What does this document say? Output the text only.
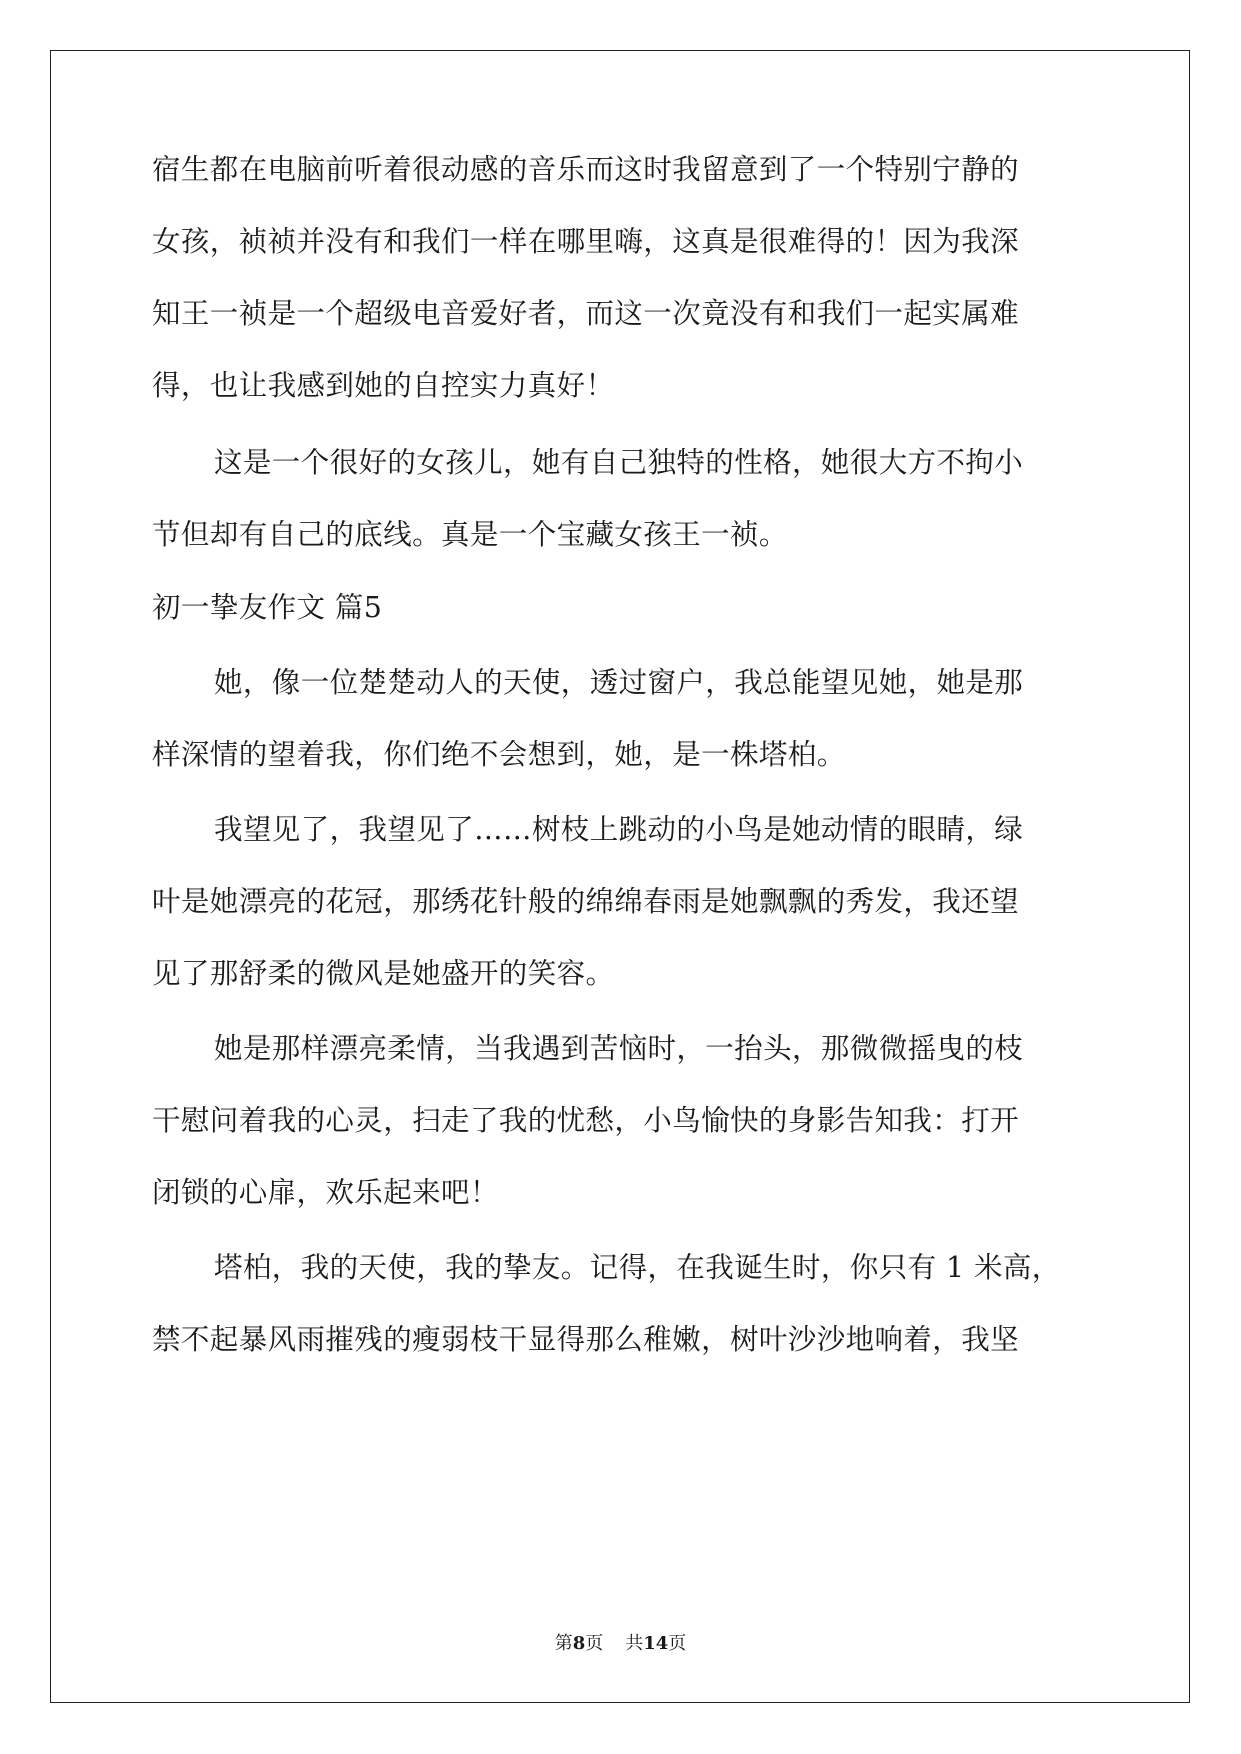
宿生都在电脑前听着很动感的音乐而这时我留意到了一个特别宁静的
女孩，祯祯并没有和我们一样在哪里嗨，这真是很难得的！因为我深
知王一祯是一个超级电音爱好者，而这一次竟没有和我们一起实属难
得，也让我感到她的自控实力真好！
这是一个很好的女孩儿，她有自己独特的性格，她很大方不拘小
节但却有自己的底线。真是一个宝藏女孩王一祯。
初一挚友作文 篇5
她，像一位楚楚动人的天使，透过窗户，我总能望见她，她是那
样深情的望着我，你们绝不会想到，她，是一株塔柏。
我望见了，我望见了……树枝上跳动的小鸟是她动情的眼睛，绿
叶是她漂亮的花冠，那绣花针般的绵绵春雨是她飘飘的秀发，我还望
见了那舒柔的微风是她盛开的笑容。
她是那样漂亮柔情，当我遇到苦恼时，一抬头，那微微摇曳的枝
干慰问着我的心灵，扫走了我的忧愁，小鸟愉快的身影告知我：打开
闭锁的心扉，欢乐起来吧！
塔柏，我的天使，我的挚友。记得，在我诞生时，你只有 1 米高，
禁不起暴风雨摧残的瘦弱枝干显得那么稚嫩，树叶沙沙地响着，我坚
第8页 共14页
